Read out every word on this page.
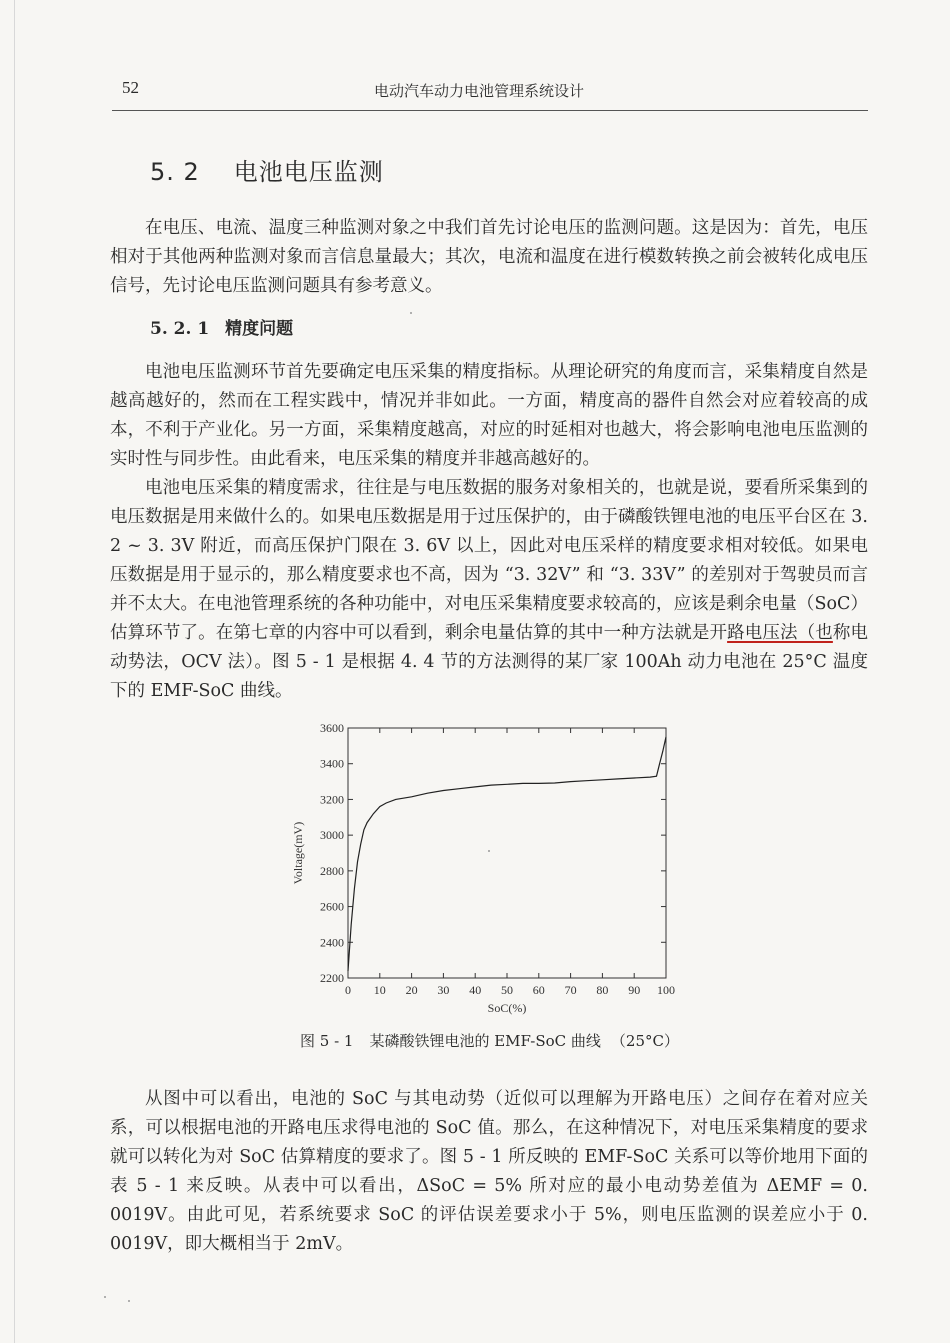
52	电动汽车动力电池管理系统设计
5. 2 电池电压监测

在电压、电流、温度三种监测对象之中我们首先讨论电压的监测问题。这是因为：首先，电压相对于其他两种监测对象而言信息量最大；其次，电流和温度在进行模数转换之前会被转化成电压信号，先讨论电压监测问题具有参考意义。

5. 2. 1 精度问题

电池电压监测环节首先要确定电压采集的精度指标。从理论研究的角度而言，采集精度自然是越高越好的，然而在工程实践中，情况并非如此。一方面，精度高的器件自然会对应着较高的成本，不利于产业化。另一方面，采集精度越高，对应的时延相对也越大，将会影响电池电压监测的实时性与同步性。由此看来，电压采集的精度并非越高越好的。
电池电压采集的精度需求，往往是与电压数据的服务对象相关的，也就是说，要看所采集到的电压数据是用来做什么的。如果电压数据是用于过压保护的，由于磷酸铁锂电池的电压平台区在 3. 2 ~ 3. 3V 附近，而高压保护门限在 3. 6V 以上，因此对电压采样的精度要求相对较低。如果电压数据是用于显示的，那么精度要求也不高，因为 “3. 32V” 和 “3. 33V” 的差别对于驾驶员而言并不太大。在电池管理系统的各种功能中，对电压采集精度要求较高的，应该是剩余电量（SoC）估算环节了。在第七章的内容中可以看到，剩余电量估算的其中一种方法就是开路电压法（也称电动势法，OCV 法）。图 5 - 1 是根据 4. 4 节的方法测得的某厂家 100Ah 动力电池在 25°C 温度下的 EMF-SoC 曲线。

2200
2400
2600
2800
3000
3200
3400
3600
0 10 20 30 40 50 60 70 80 90 100
SoC(%)
Voltage(mV)
图 5 - 1 某磷酸铁锂电池的 EMF-SoC 曲线 （25°C）

从图中可以看出，电池的 SoC 与其电动势（近似可以理解为开路电压）之间存在着对应关系，可以根据电池的开路电压求得电池的 SoC 值。那么，在这种情况下，对电压采集精度的要求就可以转化为对 SoC 估算精度的要求了。图 5 - 1 所反映的 EMF-SoC 关系可以等价地用下面的表 5 - 1 来反映。从表中可以看出，ΔSoC = 5% 所对应的最小电动势差值为 ΔEMF = 0. 0019V。由此可见，若系统要求 SoC 的评估误差要求小于 5%，则电压监测的误差应小于 0. 0019V，即大概相当于 2mV。
